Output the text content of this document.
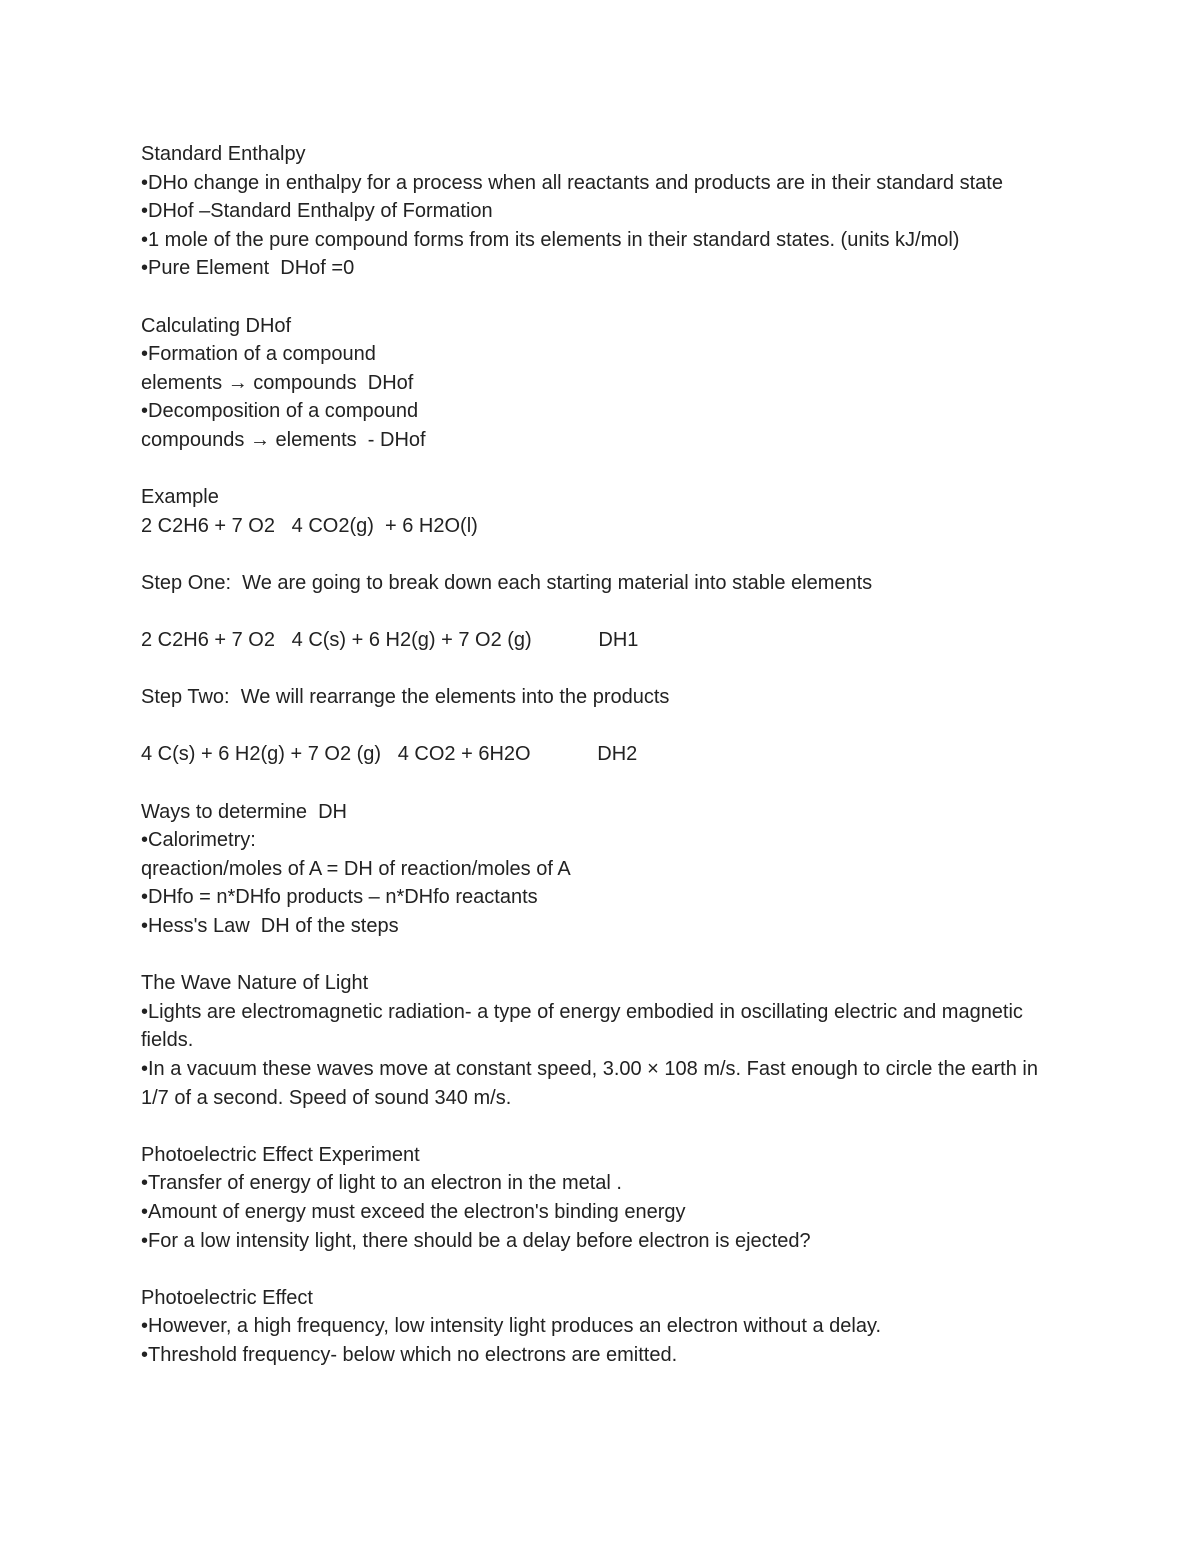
Standard Enthalpy

•DHo change in enthalpy for a process when all reactants and products are in their standard state

•DHof –Standard Enthalpy of Formation

•1 mole of the pure compound forms from its elements in their standard states. (units kJ/mol)

•Pure Element  DHof =0

Calculating DHof

•Formation of a compound

elements → compounds  DHof

•Decomposition of a compound

compounds → elements  - DHof

Example

2 C2H6 + 7 O2   4 CO2(g)  + 6 H2O(l)

Step One:  We are going to break down each starting material into stable elements

2 C2H6 + 7 O2   4 C(s) + 6 H2(g) + 7 O2 (g)            DH1

Step Two:  We will rearrange the elements into the products

4 C(s) + 6 H2(g) + 7 O2 (g)   4 CO2 + 6H2O            DH2

Ways to determine  DH

•Calorimetry:

qreaction/moles of A = DH of reaction/moles of A

•DHfo = n*DHfo products – n*DHfo reactants

•Hess's Law  DH of the steps

The Wave Nature of Light

•Lights are electromagnetic radiation- a type of energy embodied in oscillating electric and magnetic fields.

•In a vacuum these waves move at constant speed, 3.00 × 108 m/s. Fast enough to circle the earth in 1/7 of a second. Speed of sound 340 m/s.

Photoelectric Effect Experiment

•Transfer of energy of light to an electron in the metal .

•Amount of energy must exceed the electron's binding energy

•For a low intensity light, there should be a delay before electron is ejected?

Photoelectric Effect

•However, a high frequency, low intensity light produces an electron without a delay.

•Threshold frequency- below which no electrons are emitted.
